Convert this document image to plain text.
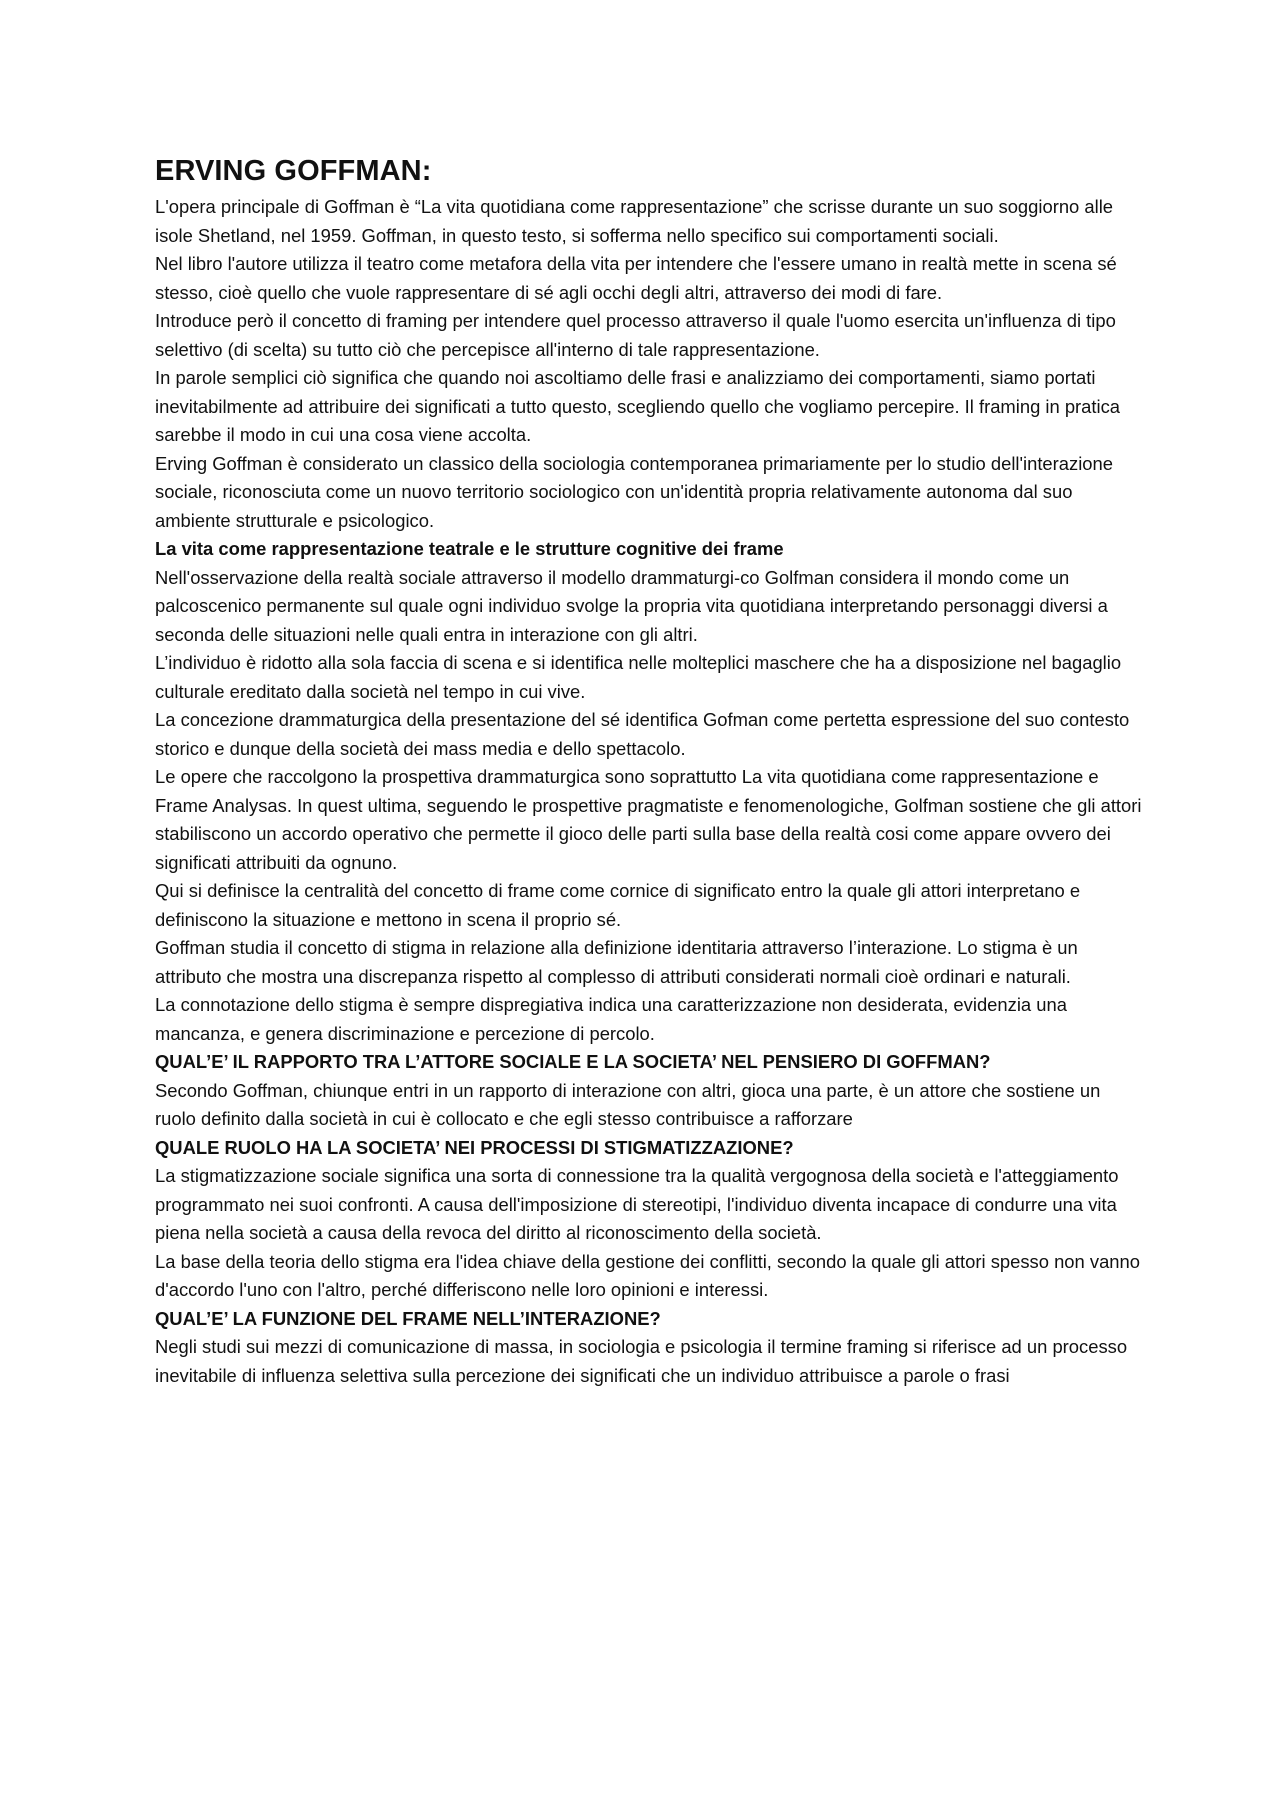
ERVING GOFFMAN:

L'opera principale di Goffman è “La vita quotidiana come rappresentazione” che scrisse durante un suo soggiorno alle isole Shetland, nel 1959. Goffman, in questo testo, si sofferma nello specifico sui comportamenti sociali.

Nel libro l'autore utilizza il teatro come metafora della vita per intendere che l'essere umano in realtà mette in scena sé stesso, cioè quello che vuole rappresentare di sé agli occhi degli altri, attraverso dei modi di fare.

Introduce però il concetto di framing per intendere quel processo attraverso il quale l'uomo esercita un'influenza di tipo selettivo (di scelta) su tutto ciò che percepisce all'interno di tale rappresentazione.

In parole semplici ciò significa che quando noi ascoltiamo delle frasi e analizziamo dei comportamenti, siamo portati inevitabilmente ad attribuire dei significati a tutto questo, scegliendo quello che vogliamo percepire. Il framing in pratica sarebbe il modo in cui una cosa viene accolta.

Erving Goffman è considerato un classico della sociologia contemporanea primariamente per lo studio dell'interazione sociale, riconosciuta come un nuovo territorio sociologico con un'identità propria relativamente autonoma dal suo ambiente strutturale e psicologico.

La vita come rappresentazione teatrale e le strutture cognitive dei frame

Nell'osservazione della realtà sociale attraverso il modello drammaturgi-co Golfman considera il mondo come un palcoscenico permanente sul quale ogni individuo svolge la propria vita quotidiana interpretando personaggi diversi a seconda delle situazioni nelle quali entra in interazione con gli altri.

L’individuo è ridotto alla sola faccia di scena e si identifica nelle molteplici maschere che ha a disposizione nel bagaglio culturale ereditato dalla società nel tempo in cui vive.

La concezione drammaturgica della presentazione del sé identifica Gofman come pertetta espressione del suo contesto storico e dunque della società dei mass media e dello spettacolo.

Le opere che raccolgono la prospettiva drammaturgica sono soprattutto La vita quotidiana come rappresentazione e Frame Analysas. In quest ultima, seguendo le prospettive pragmatiste e fenomenologiche, Golfman sostiene che gli attori stabiliscono un accordo operativo che permette il gioco delle parti sulla base della realtà cosi come appare ovvero dei significati attribuiti da ognuno.

Qui si definisce la centralità del concetto di frame come cornice di significato entro la quale gli attori interpretano e definiscono la situazione e mettono in scena il proprio sé.

Goffman studia il concetto di stigma in relazione alla definizione identitaria attraverso l’interazione. Lo stigma è un attributo che mostra una discrepanza rispetto al complesso di attributi considerati normali cioè ordinari e naturali.

La connotazione dello stigma è sempre dispregiativa indica una caratterizzazione non desiderata, evidenzia una mancanza, e genera discriminazione e percezione di percolo.

QUAL’E’ IL RAPPORTO TRA L’ATTORE SOCIALE E LA SOCIETA’ NEL PENSIERO DI GOFFMAN?

Secondo Goffman, chiunque entri in un rapporto di interazione con altri, gioca una parte, è un attore che sostiene un ruolo definito dalla società in cui è collocato e che egli stesso contribuisce a rafforzare

QUALE RUOLO HA LA SOCIETA’ NEI PROCESSI DI STIGMATIZZAZIONE?

La stigmatizzazione sociale significa una sorta di connessione tra la qualità vergognosa della società e l'atteggiamento programmato nei suoi confronti. A causa dell'imposizione di stereotipi, l'individuo diventa incapace di condurre una vita piena nella società a causa della revoca del diritto al riconoscimento della società.

La base della teoria dello stigma era l'idea chiave della gestione dei conflitti, secondo la quale gli attori spesso non vanno d'accordo l'uno con l'altro, perché differiscono nelle loro opinioni e interessi.

QUAL’E’ LA FUNZIONE DEL FRAME NELL’INTERAZIONE?

Negli studi sui mezzi di comunicazione di massa, in sociologia e psicologia il termine framing si riferisce ad un processo inevitabile di influenza selettiva sulla percezione dei significati che un individuo attribuisce a parole o frasi
